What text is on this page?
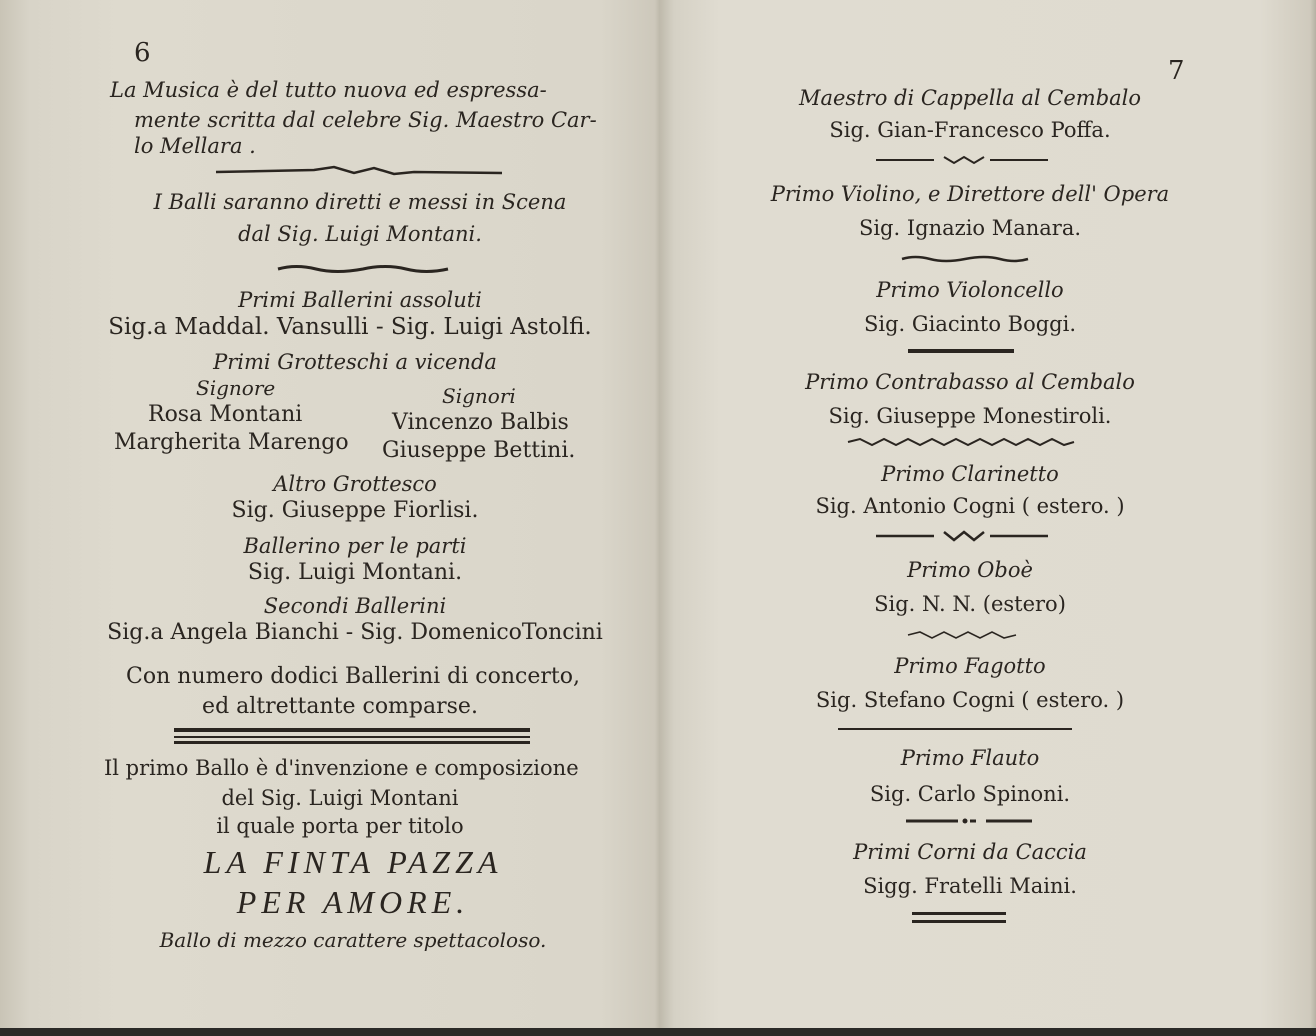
6
La Musica è del tutto nuova ed espressa-
mente scritta dal celebre Sig. Maestro Car-
lo Mellara .
I Balli saranno diretti e messi in Scena
dal Sig. Luigi Montani.
Primi Ballerini assoluti
Sig.a Maddal. Vansulli - Sig. Luigi Astolfi.
Primi Grotteschi a vicenda
Signore	Signori
Rosa Montani	Vincenzo Balbis
Margherita Marengo Giuseppe Bettini.
Altro Grottesco
Sig. Giuseppe Fiorlisi.
Ballerino per le parti
Sig. Luigi Montani.
Secondi Ballerini
Sig.a Angela Bianchi - Sig. DomenicoToncini
Con numero dodici Ballerini di concerto,
ed altrettante comparse.
Il primo Ballo è d'invenzione e composizione
del Sig. Luigi Montani
il quale porta per titolo
LA FINTA PAZZA
PER AMORE.
Ballo di mezzo carattere spettacoloso.
7
Maestro di Cappella al Cembalo
Sig. Gian-Francesco Poffa.
Primo Violino, e Direttore dell' Opera
Sig. Ignazio Manara.
Primo Violoncello
Sig. Giacinto Boggi.
Primo Contrabasso al Cembalo
Sig. Giuseppe Monestiroli.
Primo Clarinetto
Sig. Antonio Cogni ( estero. )
Primo Oboè
Sig. N. N. (estero)
Primo Fagotto
Sig. Stefano Cogni ( estero. )
Primo Flauto
Sig. Carlo Spinoni.
Primi Corni da Caccia
Sigg. Fratelli Maini.
